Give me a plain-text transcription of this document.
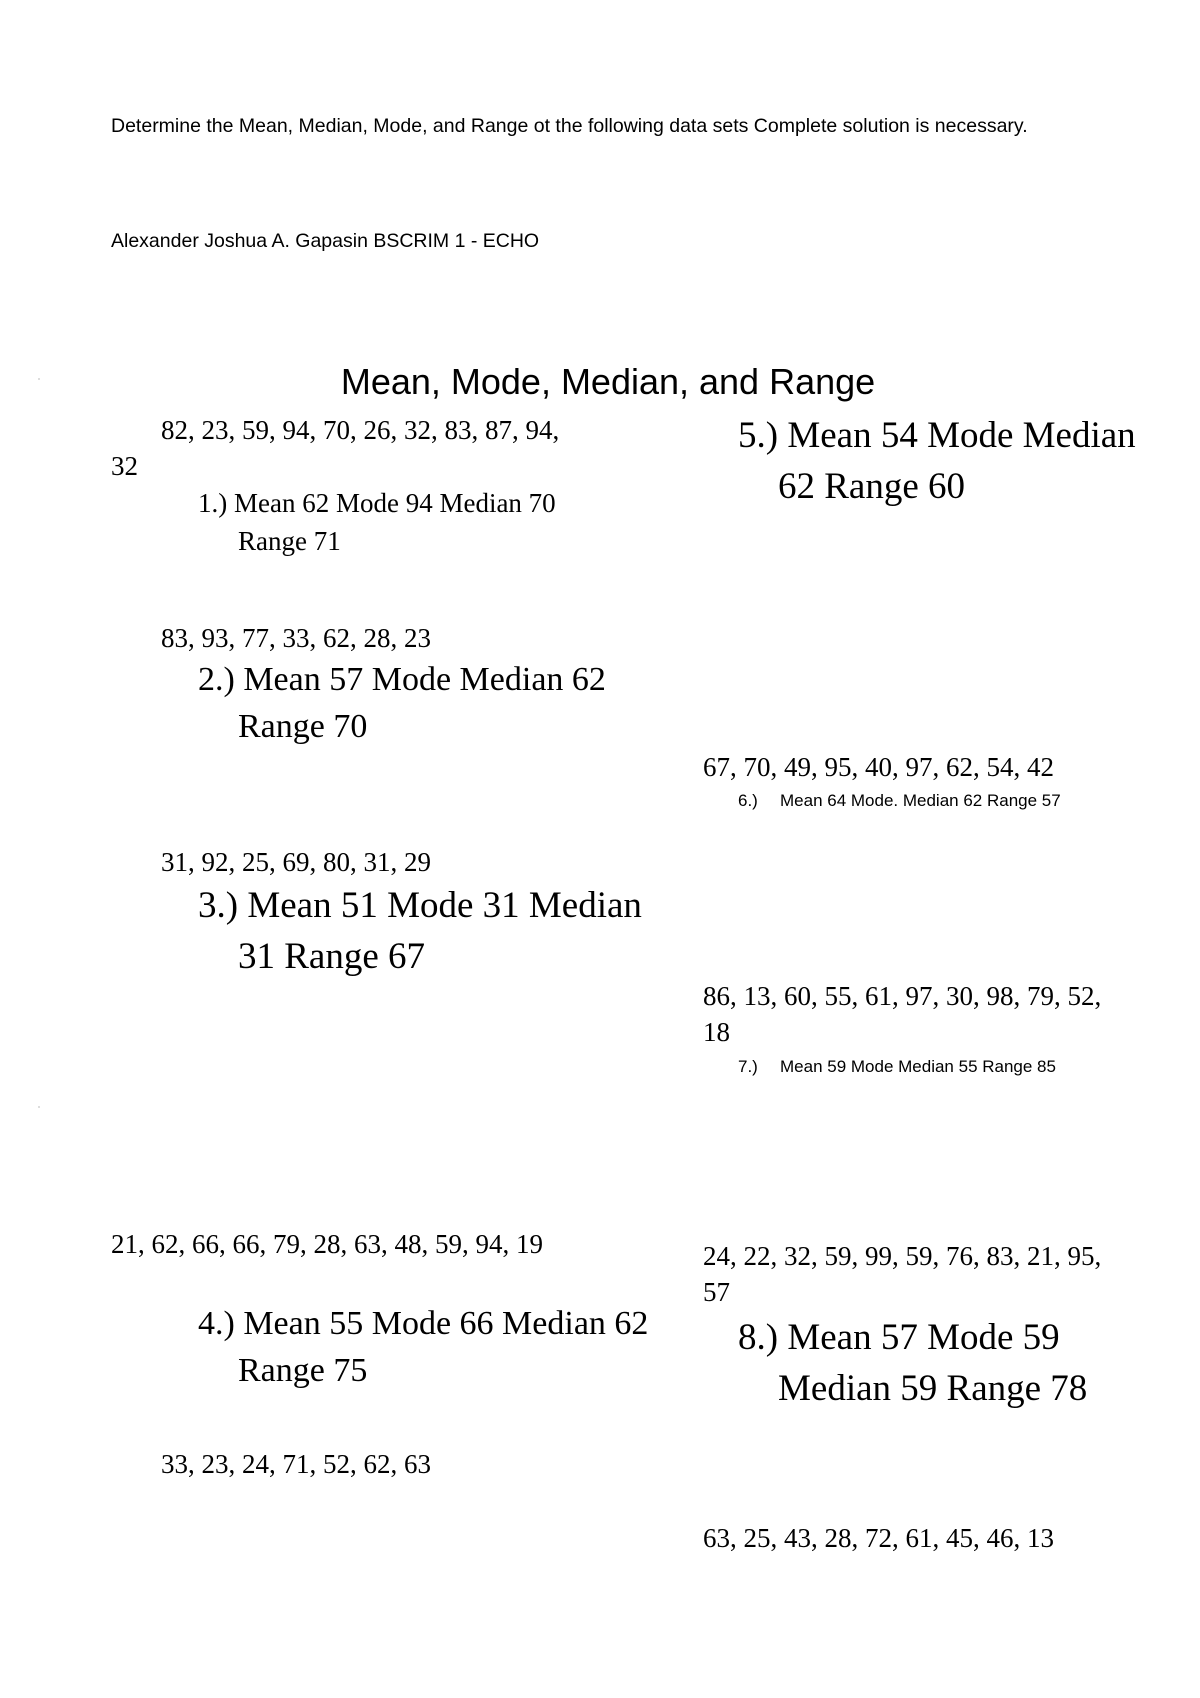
Determine the Mean, Median, Mode, and Range ot the following data sets Complete solution is necessary.

Alexander Joshua A. Gapasin BSCRIM 1 - ECHO

Mean, Mode, Median, and Range

82, 23, 59, 94, 70, 26, 32, 83, 87, 94, 32

1.) Mean 62 Mode 94 Median 70 Range 71

83, 93, 77, 33, 62, 28, 23

2.) Mean 57 Mode Median 62 Range 70

31, 92, 25, 69, 80, 31, 29

3.) Mean 51 Mode 31 Median 31 Range 67

21, 62, 66, 66, 79, 28, 63, 48, 59, 94, 19

4.) Mean 55 Mode 66 Median 62 Range 75

33, 23, 24, 71, 52, 62, 63

5.) Mean 54 Mode Median 62 Range 60

67, 70, 49, 95, 40, 97, 62, 54, 42

6.) Mean 64 Mode. Median 62 Range 57

86, 13, 60, 55, 61, 97, 30, 98, 79, 52, 18

7.) Mean 59 Mode Median 55 Range 85

24, 22, 32, 59, 99, 59, 76, 83, 21, 95, 57

8.) Mean 57 Mode 59 Median 59 Range 78

63, 25, 43, 28, 72, 61, 45, 46, 13
